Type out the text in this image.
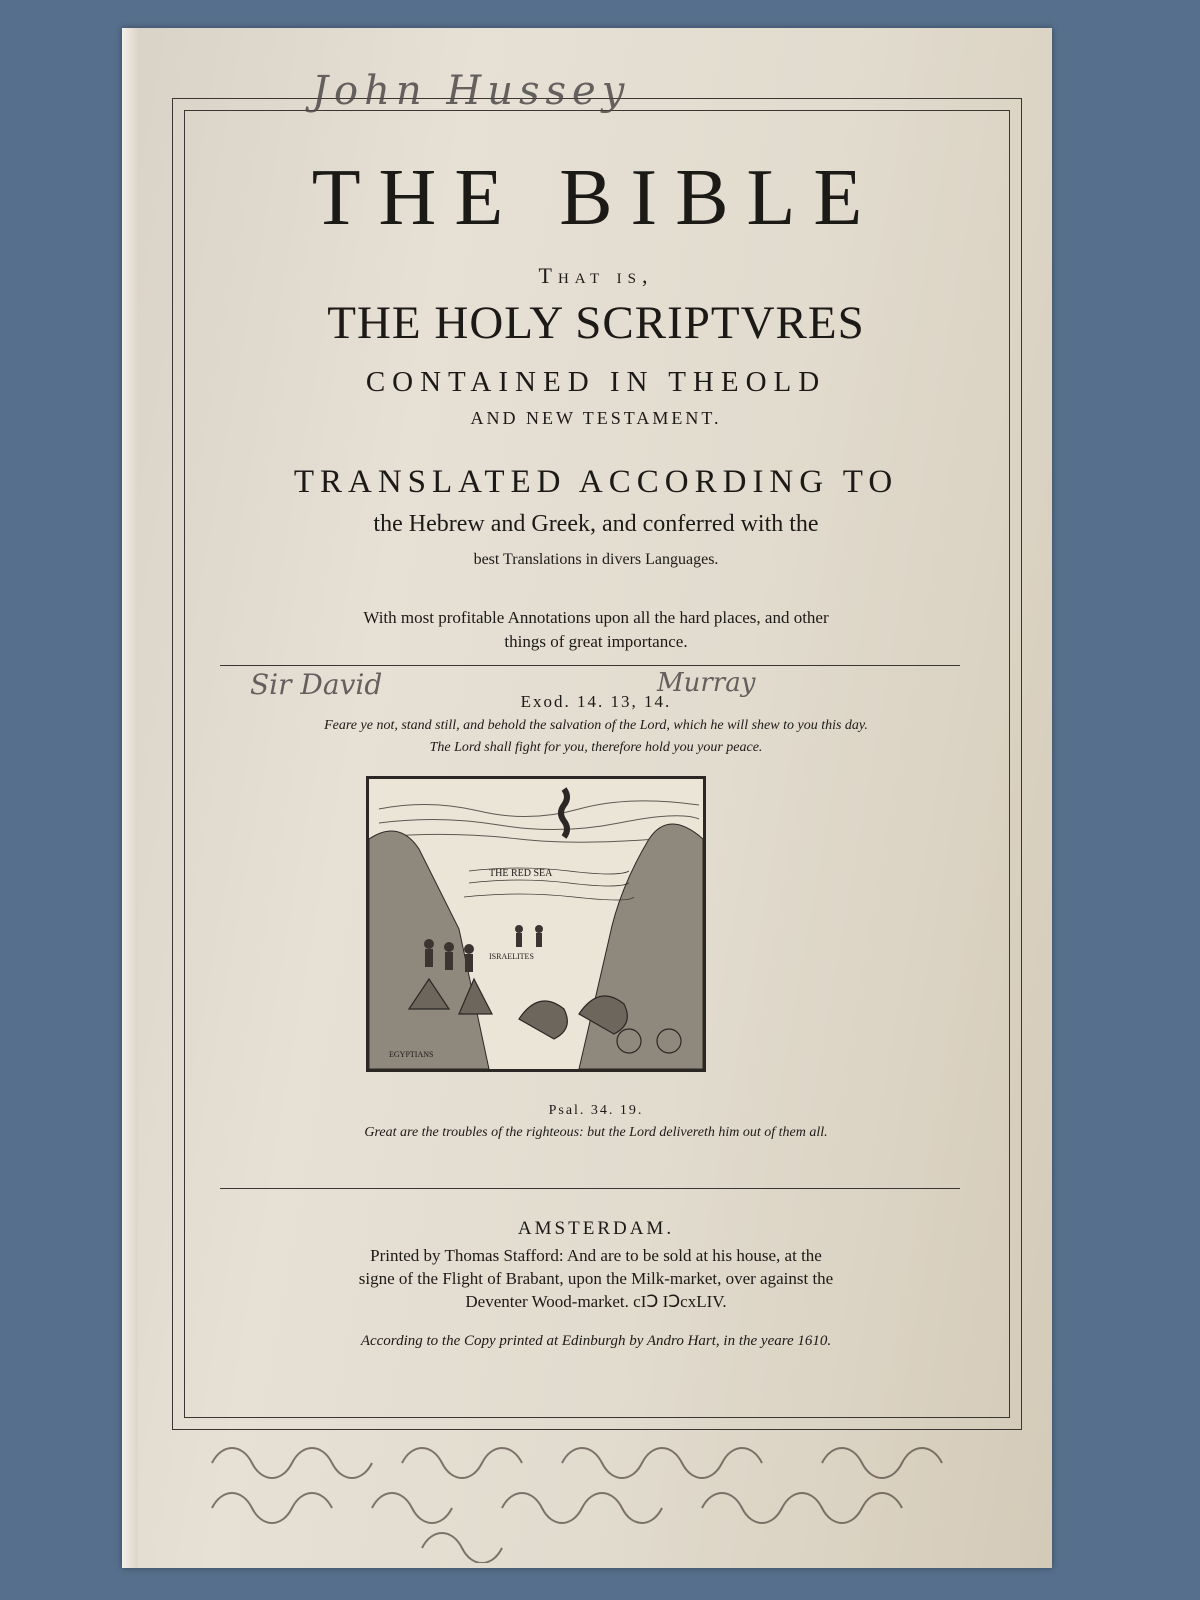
John Hussey
THE BIBLE
That is,
THE HOLY SCRIPTVRES
CONTAINED IN THEOLD
AND NEW TESTAMENT.
TRANSLATED ACCORDING TO
the Hebrew and Greek, and conferred with the
best Translations in divers Languages.
With most profitable Annotations upon all the hard places, and other
things of great importance.
Sir David	Murray
Exod. 14. 13, 14.
Feare ye not, stand still, and behold the salvation of the Lord, which he will shew to you this day.
The Lord shall fight for you, therefore hold you your peace.
THE RED SEA
ISRAELITES
EGYPTIANS
Psal. 34. 19.
Great are the troubles of the righteous: but the Lord delivereth him out of them all.
AMSTERDAM.
Printed by Thomas Stafford: And are to be sold at his house, at the
signe of the Flight of Brabant, upon the Milk-market, over against the
Deventer Wood-market. cIↃ IↃcxLIV.
According to the Copy printed at Edinburgh by Andro Hart, in the yeare 1610.
